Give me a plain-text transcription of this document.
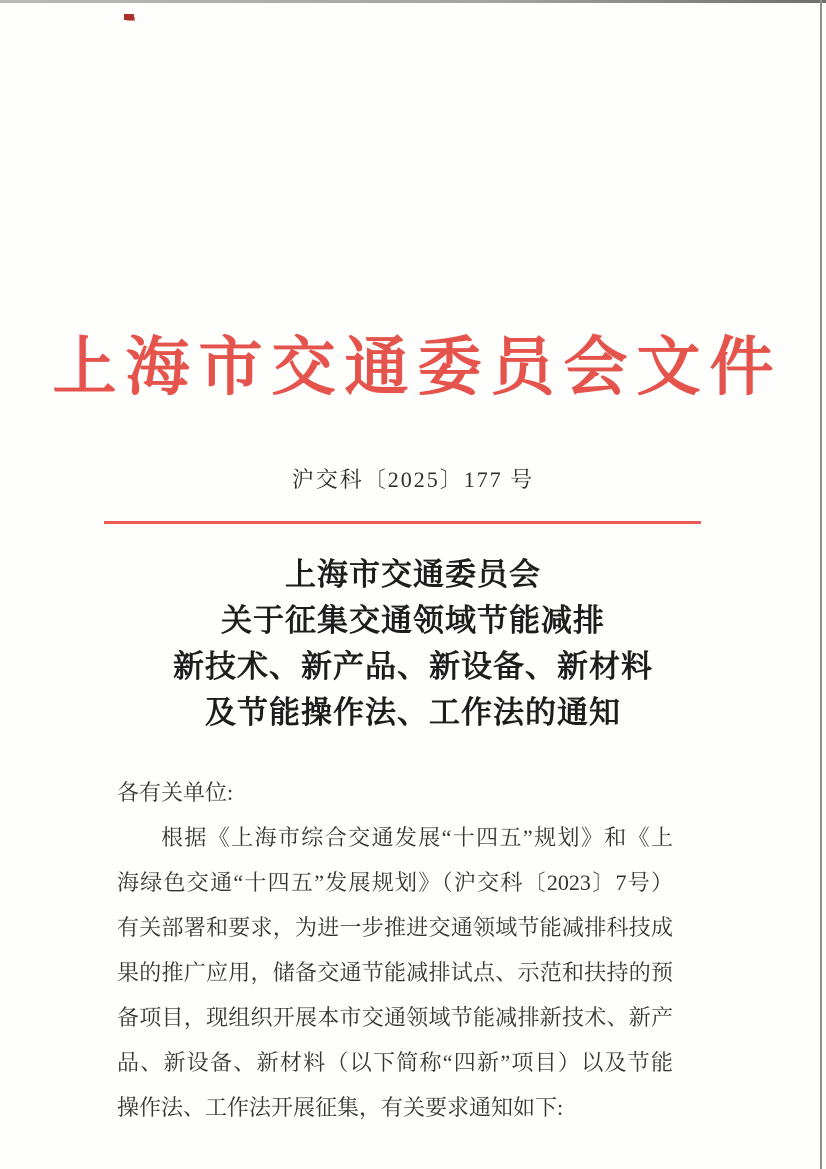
上海市交通委员会文件
沪交科〔2025〕177 号
上海市交通委员会
关于征集交通领域节能减排
新技术、新产品、新设备、新材料
及节能操作法、工作法的通知
各有关单位:
根据《上海市综合交通发展“十四五”规划》和《上
海绿色交通“十四五”发展规划》（沪交科〔2023〕7号）
有关部署和要求，为进一步推进交通领域节能减排科技成
果的推广应用，储备交通节能减排试点、示范和扶持的预
备项目，现组织开展本市交通领域节能减排新技术、新产
品、新设备、新材料（以下简称“四新”项目）以及节能
操作法、工作法开展征集，有关要求通知如下:
